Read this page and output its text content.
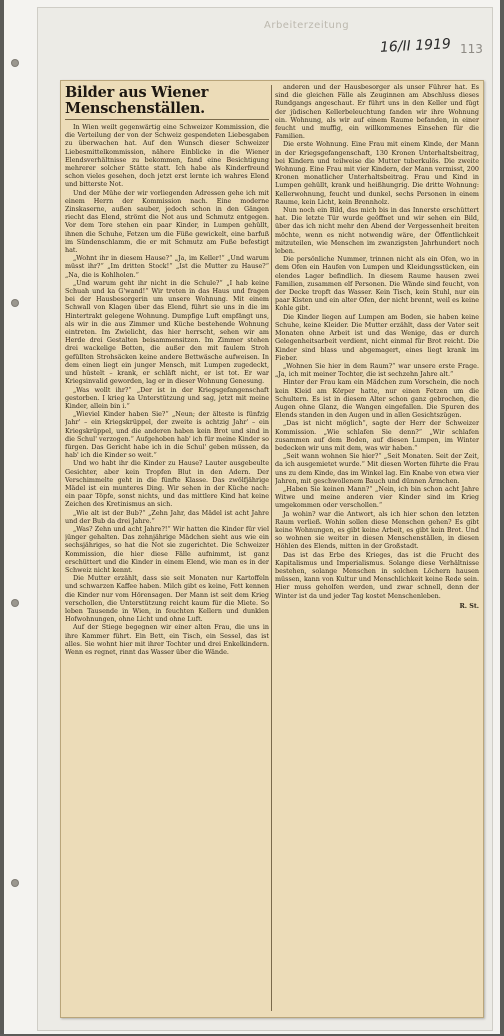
Arbeiterzeitung
16/II 1919 113
Bilder aus Wiener Menschenställen.

In Wien weilt gegenwärtig eine Schweizer Kommission, die die Verteilung der von der Schweiz gespendeten Liebesgaben zu überwachen hat. Auf den Wunsch dieser Schweizer Liebesmittelkommission, nähere Einblicke in die Wiener Elendsverhältnisse zu bekommen, fand eine Besichtigung mehrerer solcher Stätte statt. Ich habe als Kinderfreund schon vieles gesehen, doch jetzt erst lernte ich wahres Elend und bitterste Not.

Und der Mühe der wir vorliegenden Adressen gehe ich mit einem Herrn der Kommission nach. Eine moderne Zinskaserne, außen sauber, jedoch schon in den Gängen riecht das Elend, strömt die Not aus und Schmutz entgegen. Vor dem Tore stehen ein paar Kinder, in Lumpen gehüllt, ihnen die Schuhe, Fetzen um die Füße gewickelt, eine barfuß im Sündenschlamm, die er mit Schmutz am Fuße befestigt hat.

„Wohnt ihr in diesem Hause?“ „Ja, im Keller!“ „Und warum müsst ihr?“ „Im dritten Stock!“ „Ist die Mutter zu Hause?“ „Na, die is Kohlholen.“

„Und warum geht ihr nicht in die Schule?“ „I hab keine Schuah und ka G'wand!“ Wir treten in das Haus und fragen bei der Hausbesorgerin um unsere Wohnung. Mit einem Schwall von Klagen über das Elend, führt sie uns in die im Hintertrakt gelegene Wohnung. Dumpfige Luft empfängt uns, als wir in die aus Zimmer und Küche bestehende Wohnung eintreten. Im Zwielicht, das hier herrscht, sehen wir am Herde drei Gestalten beisammensitzen. Im Zimmer stehen drei wackelige Betten, die außer den mit faulem Stroh gefüllten Strohsäcken keine andere Bettwäsche aufweisen. In dem einen liegt ein junger Mensch, mit Lumpen zugedeckt, und hüstelt – krank, er schläft nicht, er ist tot. Er war Kriegsinvalid geworden, lag er in dieser Wohnung Genesung.

„Was wollt ihr?“ „Der ist in der Kriegsgefangenschaft gestorben. I krieg ka Unterstützung und sag, jetzt mit meine Kinder, allein bin i.“

„Wieviel Kinder haben Sie?“ „Neun; der älteste is fünfzig Jahr' – ein Kriegskrüppel, der zweite is achtzig Jahr' – ein Kriegskrüppel, und die anderen haben kein Brot und sind in die Schul' verzogen.“ Aufgehoben hab' ich für meine Kinder so fürgen. Das Gericht habe ich in die Schul' geben müssen, da hab' ich die Kinder so weit.“

Und wo habt ihr die Kinder zu Hause? Lauter ausgebeulte Gesichter, aber kein Tropfen Blut in den Adern. Der Verschimmelte geht in die fünfte Klasse. Das zwölfjährige Mädel ist ein munteres Ding. Wir sehen in der Küche nach: ein paar Töpfe, sonst nichts, und das mittlere Kind hat keine Zeichen des Kretinismus an sich.

„Wie alt ist der Bub?“ „Zehn Jahr, das Mädel ist acht Jahre und der Bub da drei Jahre.“

„Was? Zehn und acht Jahre?!“ Wir hatten die Kinder für viel jünger gehalten. Das zehnjährige Mädchen sieht aus wie ein sechsjähriges, so hat die Not sie zugerichtet. Die Schweizer Kommission, die hier diese Fälle aufnimmt, ist ganz erschüttert und die Kinder in einem Elend, wie man es in der Schweiz nicht kennt.

Die Mutter erzählt, dass sie seit Monaten nur Kartoffeln und schwarzen Kaffee haben. Milch gibt es keine, Fett kennen die Kinder nur vom Hörensagen. Der Mann ist seit dem Krieg verschollen, die Unterstützung reicht kaum für die Miete. So leben Tausende in Wien, in feuchten Kellern und dunklen Hofwohnungen, ohne Licht und ohne Luft.

Auf der Stiege begegnen wir einer alten Frau, die uns in ihre Kammer führt. Ein Bett, ein Tisch, ein Sessel, das ist alles. Sie wohnt hier mit ihrer Tochter und drei Enkelkindern. Wenn es regnet, rinnt das Wasser über die Wände.

anderen und der Hausbesorger als unser Führer hat. Es sind die gleichen Fälle als Zeuginnen am Abschluss dieses Rundgangs angeschaut. Er führt uns in den Keller und fügt der jüdischen Kellerbeleuchtung fanden wir ihre Wohnung ein. Wohnung, als wir auf einem Raume befanden, in einer feucht und muffig, ein willkommenes Einsehen für die Familien.

Die erste Wohnung. Eine Frau mit einem Kinde, der Mann in der Kriegsgefangenschaft, 130 Kronen Unterhaltsbeitrag, bei Kindern und teilweise die Mutter tuberkulös. Die zweite Wohnung. Eine Frau mit vier Kindern, der Mann vermisst, 200 Kronen monatlicher Unterhaltsbeitrag. Frau und Kind in Lumpen gehüllt, krank und heißhungrig. Die dritte Wohnung: Kellerwohnung, feucht und dunkel, sechs Personen in einem Raume, kein Licht, kein Brennholz.

Nun noch ein Bild, das mich bis in das Innerste erschüttert hat. Die letzte Tür wurde geöffnet und wir sehen ein Bild, über das ich nicht mehr den Abend der Vergessenheit breiten möchte, wenn es nicht notwendig wäre, der Öffentlichkeit mitzuteilen, wie Menschen im zwanzigsten Jahrhundert noch leben.

Die persönliche Nummer, trinnen nicht als ein Ofen, wo in dem Ofen ein Haufen von Lumpen und Kleidungsstücken, ein elendes Lager befindlich. In diesem Raume hausen zwei Familien, zusammen elf Personen. Die Wände sind feucht, von der Decke tropft das Wasser. Kein Tisch, kein Stuhl, nur ein paar Kisten und ein alter Ofen, der nicht brennt, weil es keine Kohle gibt.

Die Kinder liegen auf Lumpen am Boden, sie haben keine Schuhe, keine Kleider. Die Mutter erzählt, dass der Vater seit Monaten ohne Arbeit ist und das Wenige, das er durch Gelegenheitsarbeit verdient, nicht einmal für Brot reicht. Die Kinder sind blass und abgemagert, eines liegt krank im Fieber.

„Wohnen Sie hier in dem Raum?“ war unsere erste Frage. „Ja, ich mit meiner Tochter, die ist sechzehn Jahre alt.“

Hinter der Frau kam ein Mädchen zum Vorschein, die noch kein Kleid am Körper hatte, nur einen Fetzen um die Schultern. Es ist in diesem Alter schon ganz gebrochen, die Augen ohne Glanz, die Wangen eingefallen. Die Spuren des Elends standen in den Augen und in allen Gesichtszügen.

„Das ist nicht möglich“, sagte der Herr der Schweizer Kommission. „Wie schlafen Sie denn?“ „Wir schlafen zusammen auf dem Boden, auf diesen Lumpen, im Winter bedecken wir uns mit dem, was wir haben.“

„Seit wann wohnen Sie hier?“ „Seit Monaten. Seit der Zeit, da ich ausgemietet wurde.“ Mit diesen Worten führte die Frau uns zu dem Kinde, das im Winkel lag. Ein Knabe von etwa vier Jahren, mit geschwollenem Bauch und dünnen Ärmchen.

„Haben Sie keinen Mann?“ „Nein, ich bin schon acht Jahre Witwe und meine anderen vier Kinder sind im Krieg umgekommen oder verschollen.“

Ja wohin? war die Antwort, als ich hier schon den letzten Raum verließ. Wohin sollen diese Menschen gehen? Es gibt keine Wohnungen, es gibt keine Arbeit, es gibt kein Brot. Und so wohnen sie weiter in diesen Menschenställen, in diesen Höhlen des Elends, mitten in der Großstadt.

Das ist das Erbe des Krieges, das ist die Frucht des Kapitalismus und Imperialismus. Solange diese Verhältnisse bestehen, solange Menschen in solchen Löchern hausen müssen, kann von Kultur und Menschlichkeit keine Rede sein. Hier muss geholfen werden, und zwar schnell, denn der Winter ist da und jeder Tag kostet Menschenleben.

R. St.
